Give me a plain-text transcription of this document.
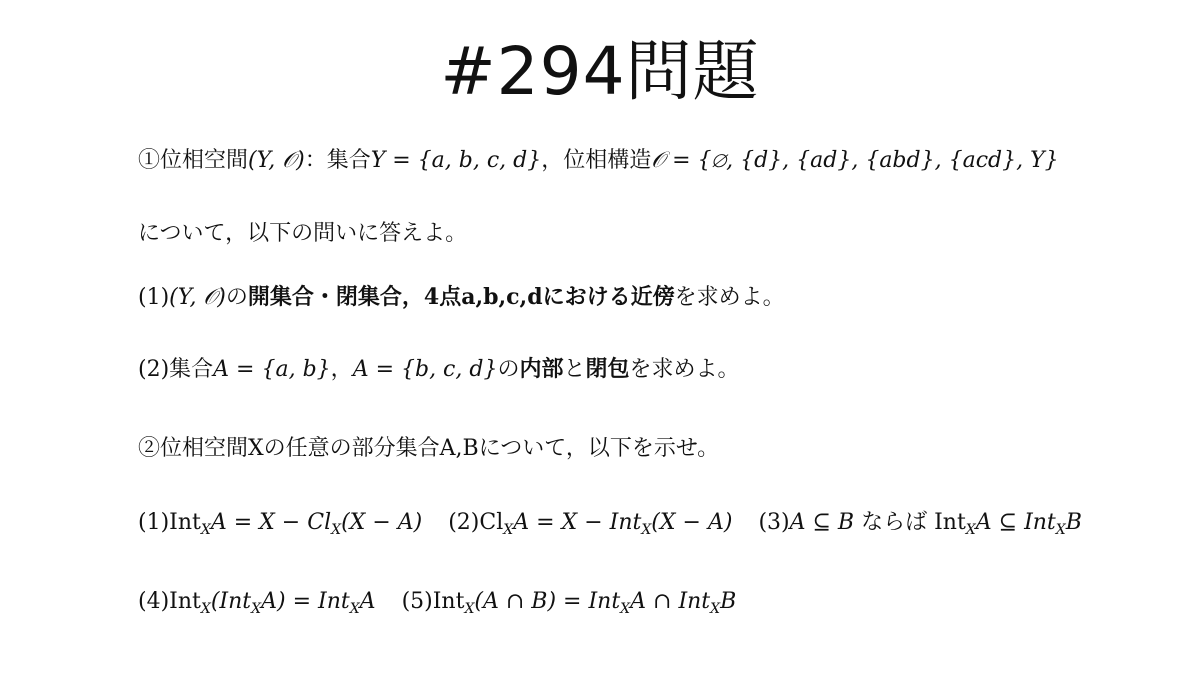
#294問題
①位相空間(Y, 𝒪)：集合Y = {a, b, c, d}，位相構造𝒪 = {∅, {d}, {ad}, {abd}, {acd}, Y}
について，以下の問いに答えよ。
(1)(Y, 𝒪)の開集合・閉集合，4点a,b,c,dにおける近傍を求めよ。
(2)集合A = {a, b}，A = {b, c, d}の内部と閉包を求めよ。
②位相空間Xの任意の部分集合A,Bについて，以下を示せ。
$(1)Int_XA = X - Cl_X(X - A) (2)Cl_XA = X - Int_X(X - A)$ (3)A ⊆ B ならば Int$_X$A ⊆ Int$_X$B
(4)Int$_X$(Int$_X$A) = Int$_X$A (5)Int$_X$(A ∩ B) = Int$_X$A ∩ Int$_X$B
